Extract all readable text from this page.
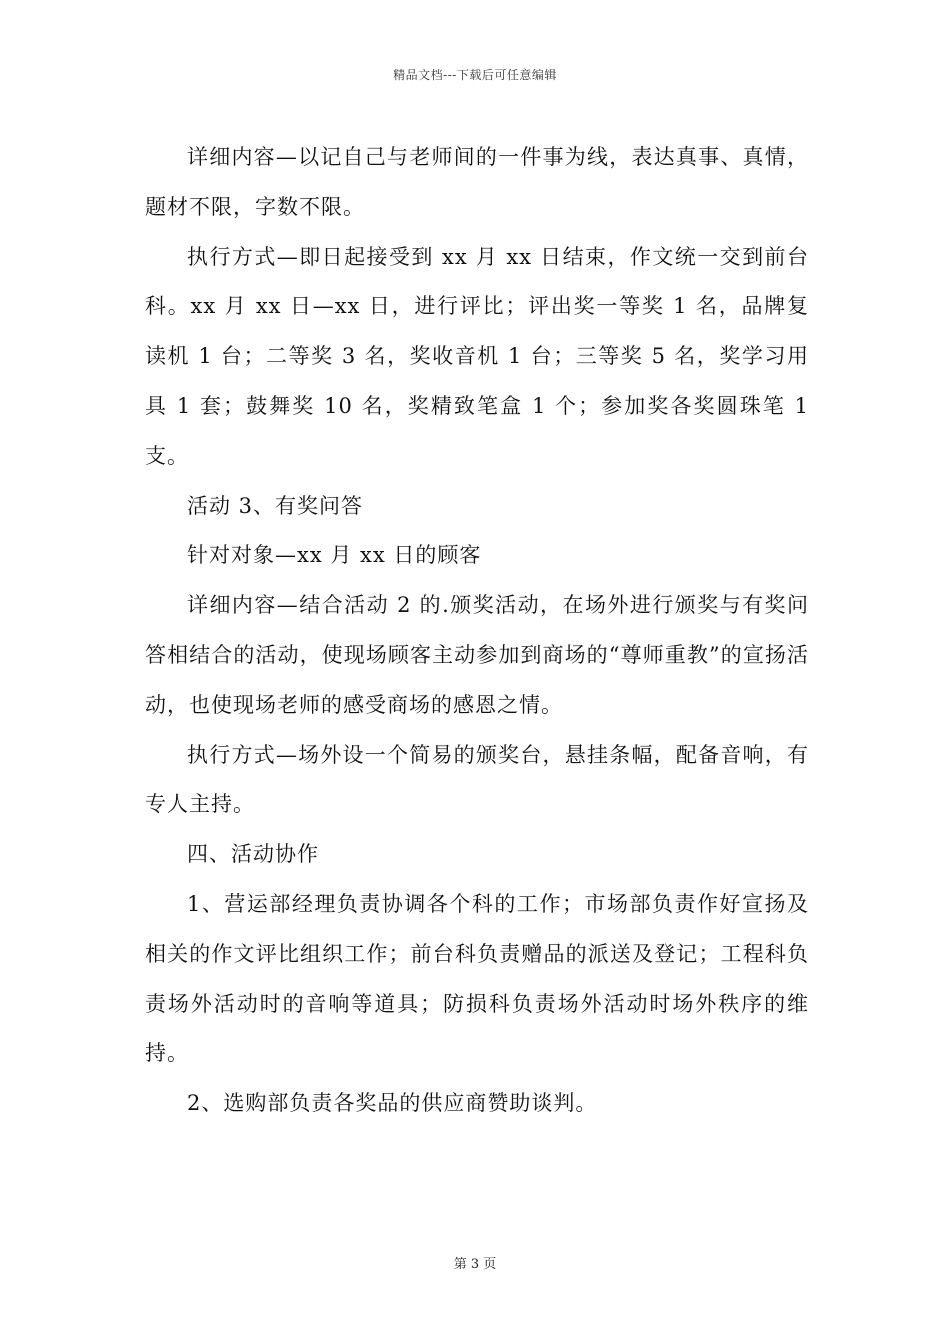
精品文档---下载后可任意编辑

详细内容—以记自己与老师间的一件事为线，表达真事、真情，题材不限，字数不限。

执行方式—即日起接受到 xx 月 xx 日结束，作文统一交到前台科。xx 月 xx 日—xx 日，进行评比；评出奖一等奖 1 名，品牌复读机 1 台；二等奖 3 名，奖收音机 1 台；三等奖 5 名，奖学习用具 1 套；鼓舞奖 10 名，奖精致笔盒 1 个；参加奖各奖圆珠笔 1 支。

活动 3、有奖问答

针对对象—xx 月 xx 日的顾客

详细内容—结合活动 2 的.颁奖活动，在场外进行颁奖与有奖问答相结合的活动，使现场顾客主动参加到商场的“尊师重教”的宣扬活动，也使现场老师的感受商场的感恩之情。

执行方式—场外设一个简易的颁奖台，悬挂条幅，配备音响，有专人主持。

四、活动协作

1、营运部经理负责协调各个科的工作；市场部负责作好宣扬及相关的作文评比组织工作；前台科负责赠品的派送及登记；工程科负责场外活动时的音响等道具；防损科负责场外活动时场外秩序的维持。

2、选购部负责各奖品的供应商赞助谈判。

第 3 页
